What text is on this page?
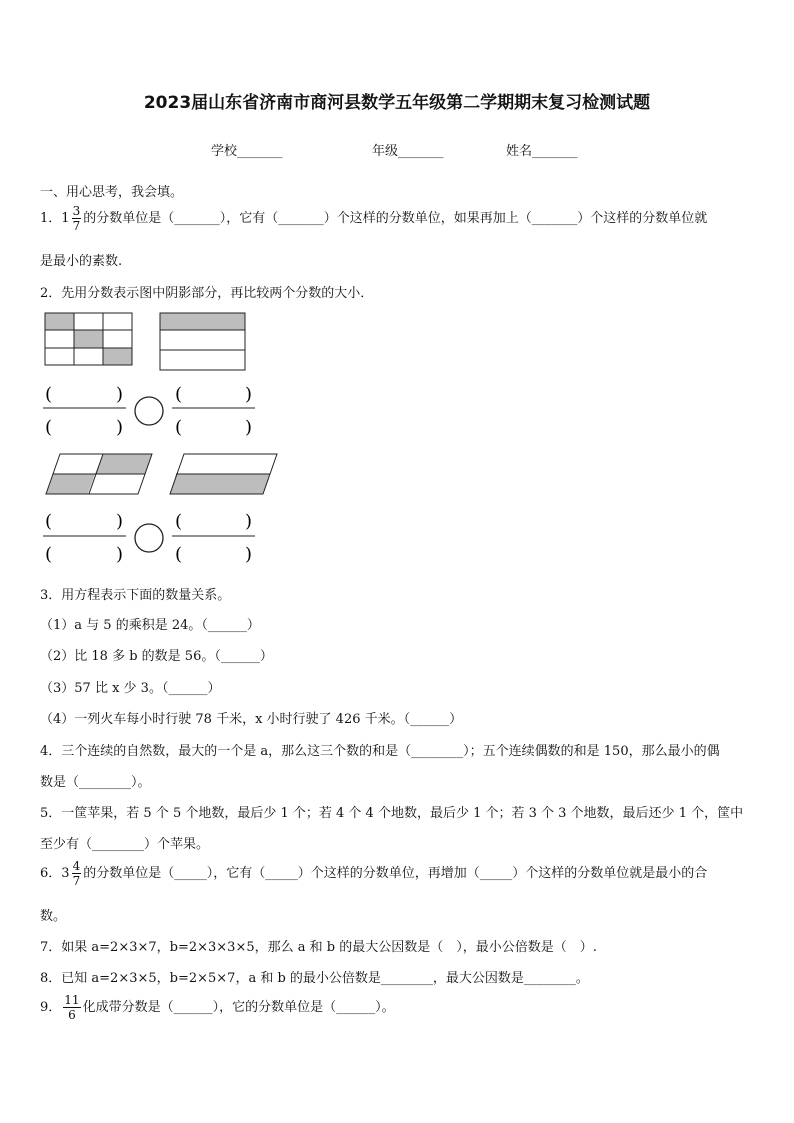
2023届山东省济南市商河县数学五年级第二学期期末复习检测试题
学校_______	年级_______	姓名_______
一、用心思考，我会填。
1．$1 \frac{3}{7}$ 的分数单位是（_______），它有（_______）个这样的分数单位，如果再加上（_______）个这样的分数单位就
是最小的素数.
2．先用分数表示图中阴影部分，再比较两个分数的大小．
(	)
(	)
(	)
(	)
(	)
(	)
(	)
(	)
3．用方程表示下面的数量关系。
（1）a 与 5 的乘积是 24。（______）
（2）比 18 多 b 的数是 56。（______）
（3）57 比 x 少 3。（______）
（4）一列火车每小时行驶 78 千米，x 小时行驶了 426 千米。（______）
4．三个连续的自然数，最大的一个是 a，那么这三个数的和是（________）；五个连续偶数的和是 150，那么最小的偶
数是（________）。
5．一筐苹果，若 5 个 5 个地数，最后少 1 个；若 4 个 4 个地数，最后少 1 个；若 3 个 3 个地数，最后还少 1 个，筐中
至少有（________）个苹果。
6．$3 \frac{4}{7}$ 的分数单位是（_____），它有（_____）个这样的分数单位，再增加（_____）个这样的分数单位就是最小的合
数。
7．如果 a=2×3×7，b=2×3×3×5，那么 a 和 b 的最大公因数是（　），最小公倍数是（　）.
8．已知 a=2×3×5，b=2×5×7，a 和 b 的最小公倍数是________，最大公因数是________。
9． $\frac{11}{6}$ 化成带分数是（______），它的分数单位是（______）。
